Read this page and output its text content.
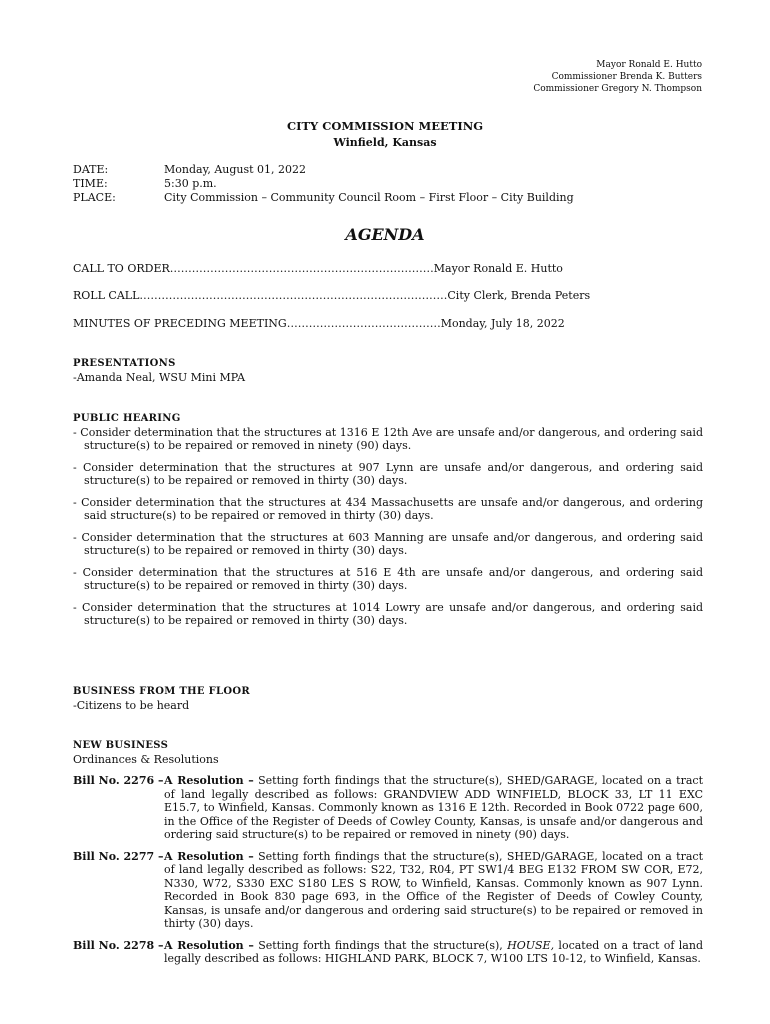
Mayor Ronald E. Hutto
Commissioner Brenda K. Butters
Commissioner Gregory N. Thompson
CITY COMMISSION MEETING
Winfield, Kansas
DATE:	Monday, August 01, 2022
TIME:	5:30 p.m.
PLACE:	City Commission – Community Council Room – First Floor – City Building
AGENDA
CALL TO ORDER………………………………………………………………Mayor Ronald E. Hutto
ROLL CALL…………………………………………………………………………City Clerk, Brenda Peters
MINUTES OF PRECEDING MEETING……………………………………Monday, July 18, 2022
PRESENTATIONS
-Amanda Neal, WSU Mini MPA
PUBLIC HEARING
- Consider determination that the structures at 1316 E 12th Ave are unsafe and/or dangerous, and ordering said structure(s) to be repaired or removed in ninety (90) days.
- Consider determination that the structures at 907 Lynn are unsafe and/or dangerous, and ordering said structure(s) to be repaired or removed in thirty (30) days.
- Consider determination that the structures at 434 Massachusetts are unsafe and/or dangerous, and ordering said structure(s) to be repaired or removed in thirty (30) days.
- Consider determination that the structures at 603 Manning are unsafe and/or dangerous, and ordering said structure(s) to be repaired or removed in thirty (30) days.
- Consider determination that the structures at 516 E 4th are unsafe and/or dangerous, and ordering said structure(s) to be repaired or removed in thirty (30) days.
- Consider determination that the structures at 1014 Lowry are unsafe and/or dangerous, and ordering said structure(s) to be repaired or removed in thirty (30) days.
BUSINESS FROM THE FLOOR
-Citizens to be heard
NEW BUSINESS
Ordinances & Resolutions
Bill No. 2276 – A Resolution – Setting forth findings that the structure(s), SHED/GARAGE, located on a tract of land legally described as follows: GRANDVIEW ADD WINFIELD, BLOCK 33, LT 11 EXC E15.7, to Winfield, Kansas. Commonly known as 1316 E 12th. Recorded in Book 0722 page 600, in the Office of the Register of Deeds of Cowley County, Kansas, is unsafe and/or dangerous and ordering said structure(s) to be repaired or removed in ninety (90) days.
Bill No. 2277 – A Resolution – Setting forth findings that the structure(s), SHED/GARAGE, located on a tract of land legally described as follows: S22, T32, R04, PT SW1/4 BEG E132 FROM SW COR, E72, N330, W72, S330 EXC S180 LES S ROW, to Winfield, Kansas. Commonly known as 907 Lynn. Recorded in Book 830 page 693, in the Office of the Register of Deeds of Cowley County, Kansas, is unsafe and/or dangerous and ordering said structure(s) to be repaired or removed in thirty (30) days.
Bill No. 2278 – A Resolution – Setting forth findings that the structure(s), HOUSE, located on a tract of land legally described as follows: HIGHLAND PARK, BLOCK 7, W100 LTS 10-12, to Winfield, Kansas.
